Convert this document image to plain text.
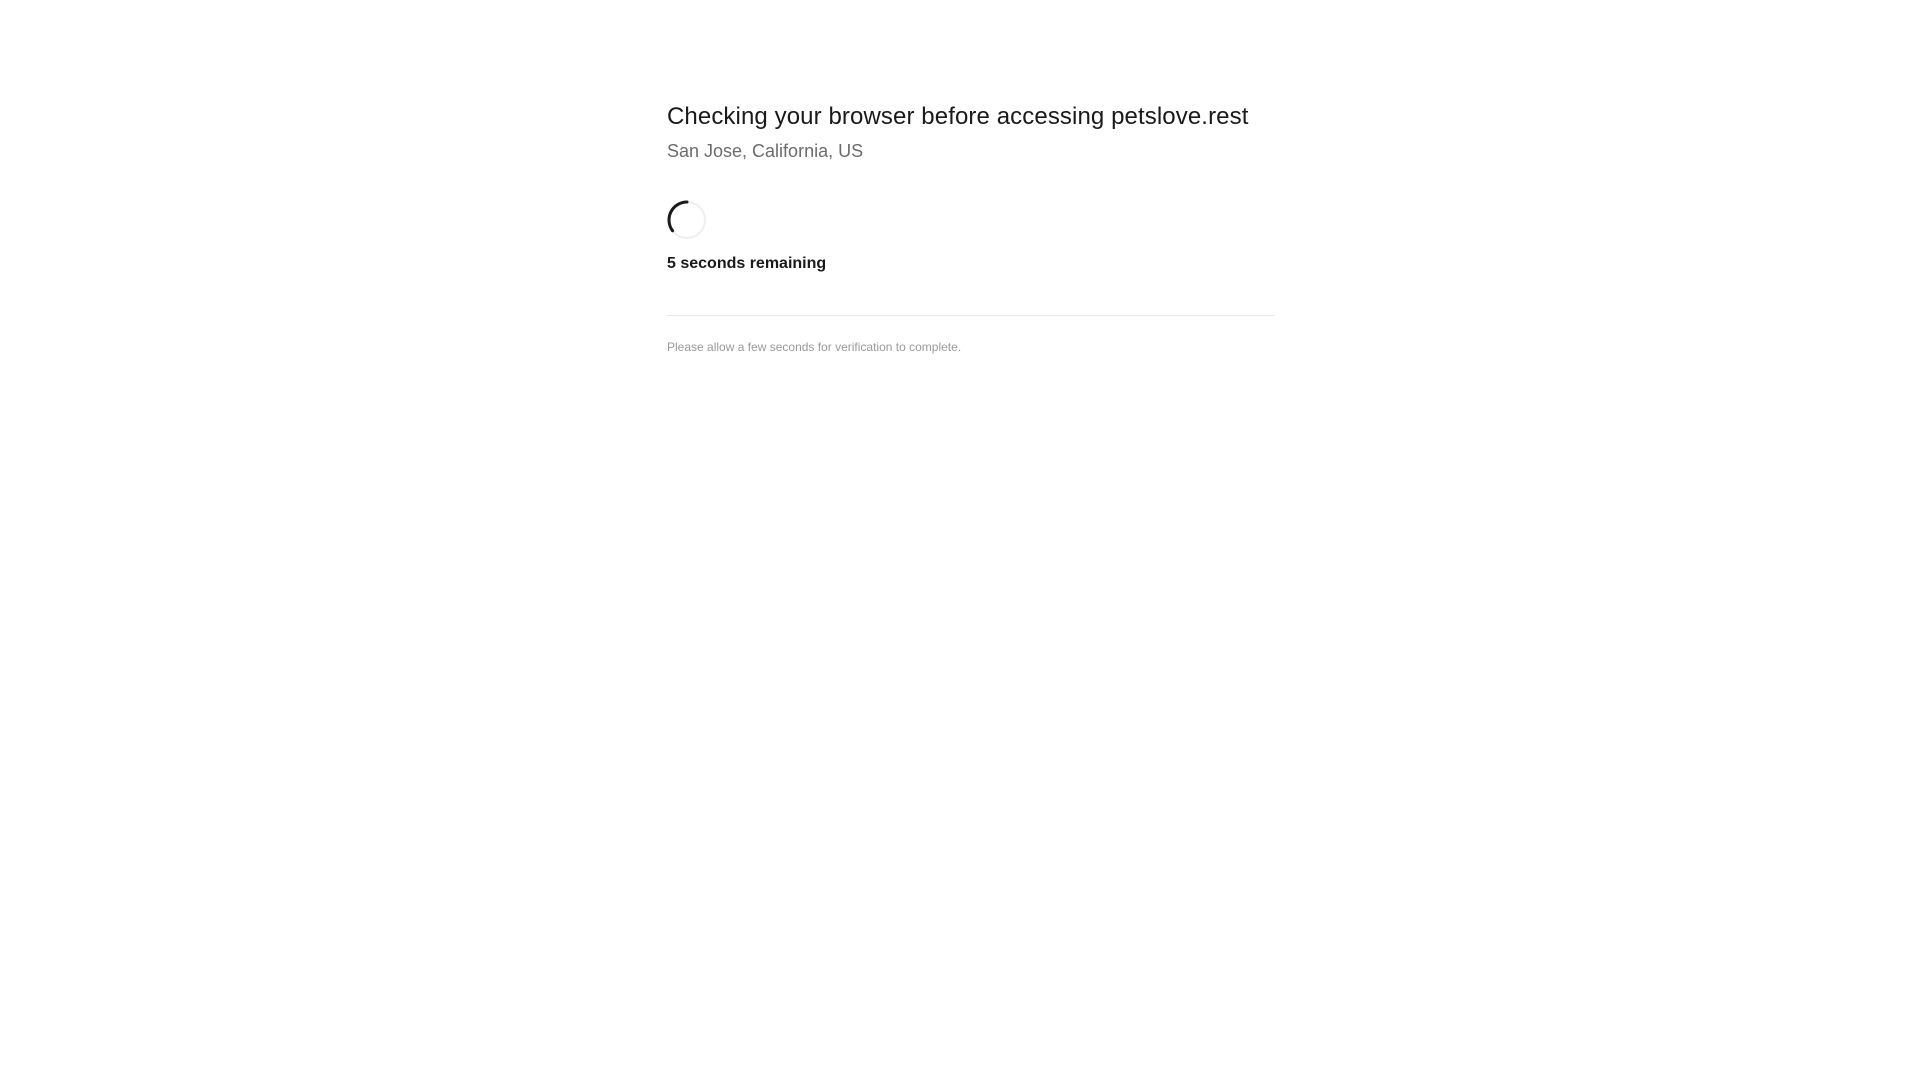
Checking your browser before accessing petslove.rest

San Jose, California, US

5 seconds remaining

Please allow a few seconds for verification to complete.
